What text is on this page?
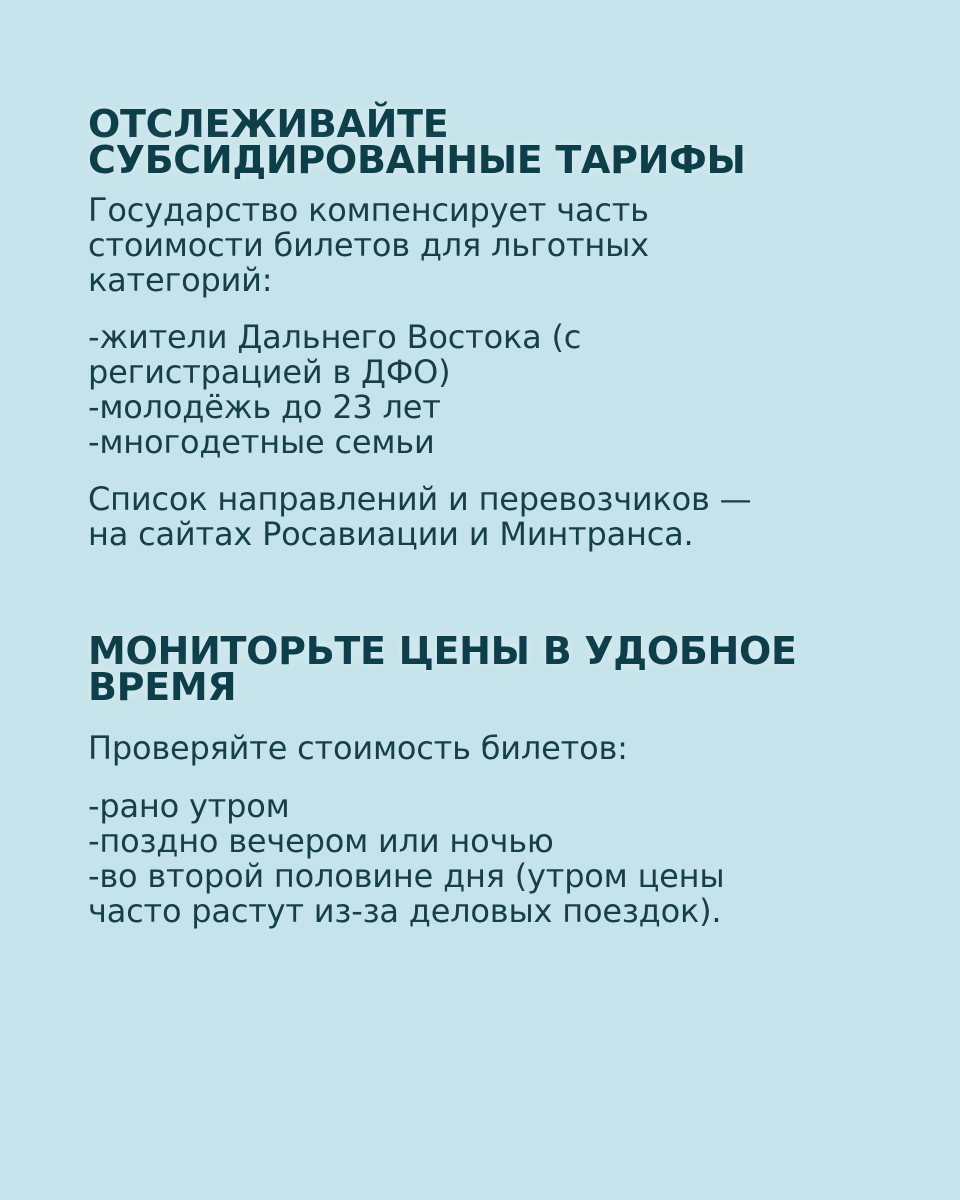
ОТСЛЕЖИВАЙТЕ
СУБСИДИРОВАННЫЕ ТАРИФЫ

Государство компенсирует часть
стоимости билетов для льготных
категорий:

-жители Дальнего Востока (с
регистрацией в ДФО)
-молодёжь до 23 лет
-многодетные семьи

Список направлений и перевозчиков —
на сайтах Росавиации и Минтранса.

МОНИТОРЬТЕ ЦЕНЫ В УДОБНОЕ
ВРЕМЯ

Проверяйте стоимость билетов:

-рано утром
-поздно вечером или ночью
-во второй половине дня (утром цены
часто растут из-за деловых поездок).
